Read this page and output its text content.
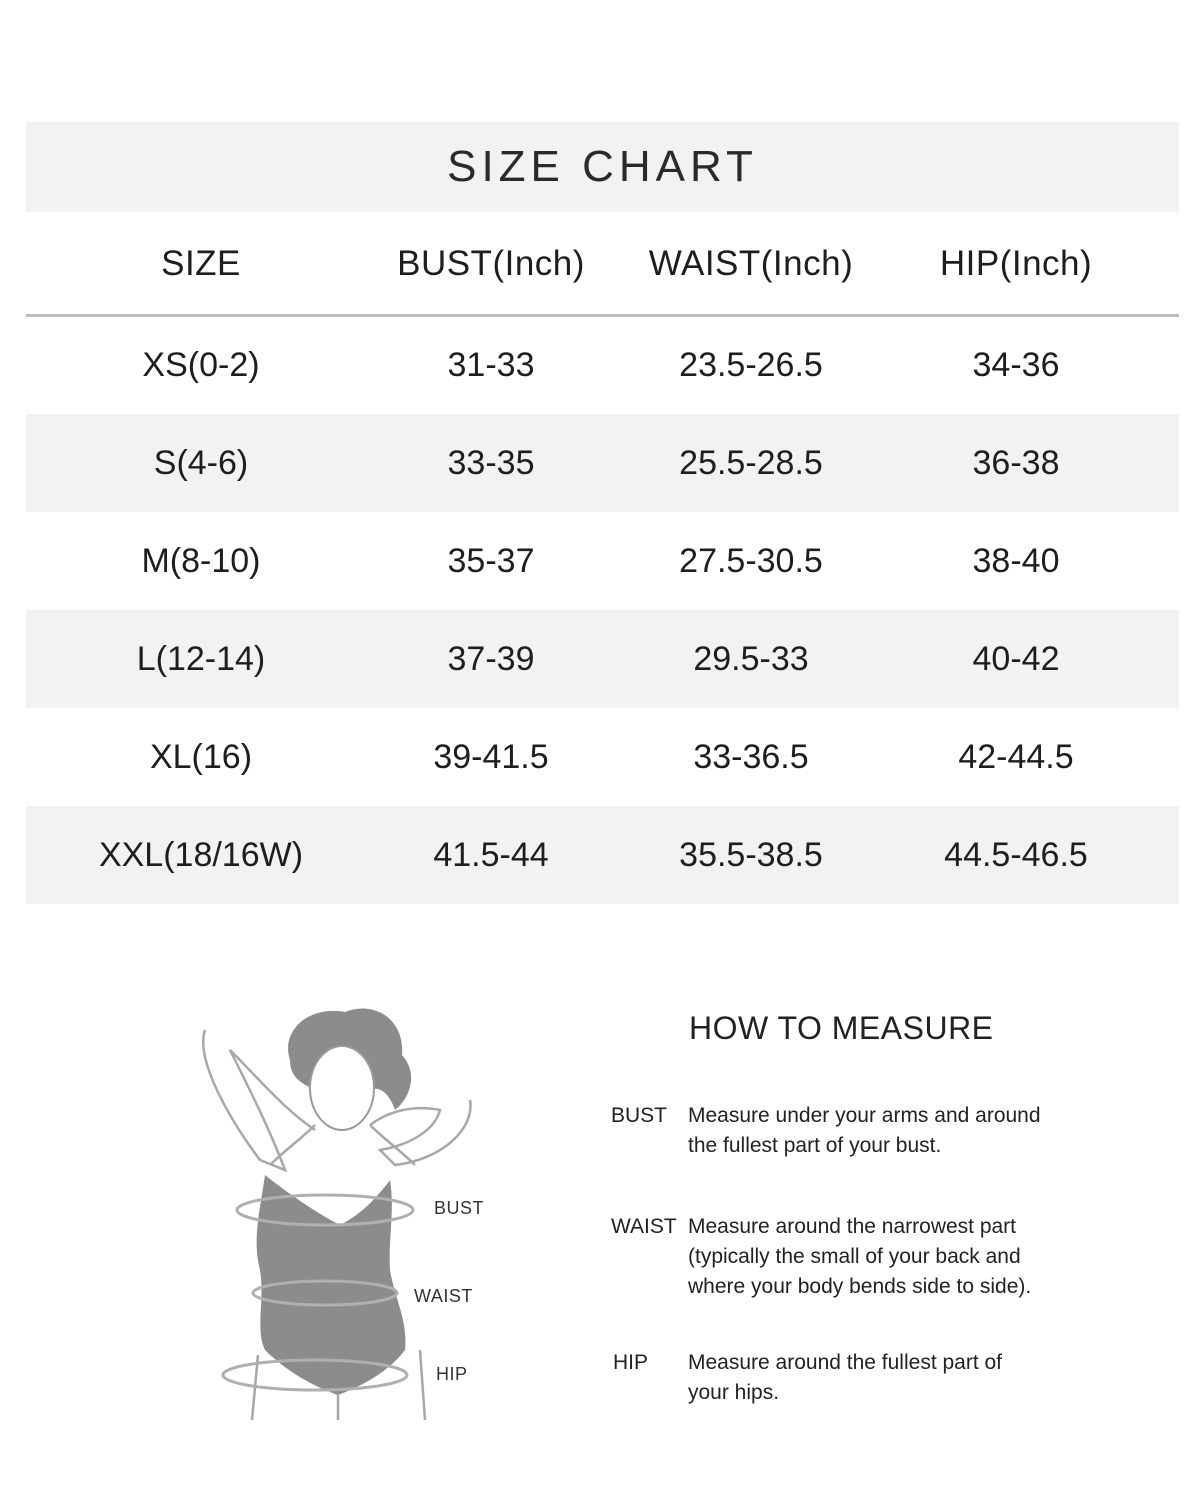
SIZE CHART
SIZE	BUST(Inch)	WAIST(Inch)	HIP(Inch)
XS(0-2)	31-33	23.5-26.5	34-36
S(4-6)	33-35	25.5-28.5	36-38
M(8-10)	35-37	27.5-30.5	38-40
L(12-14)	37-39	29.5-33	40-42
XL(16)	39-41.5	33-36.5	42-44.5
XXL(18/16W)	41.5-44	35.5-38.5	44.5-46.5
BUST
WAIST
HIP
HOW TO MEASURE
BUST Measure under your arms and around
the fullest part of your bust.
WAIST Measure around the narrowest part
(typically the small of your back and
where your body bends side to side).
HIP Measure around the fullest part of
your hips.
